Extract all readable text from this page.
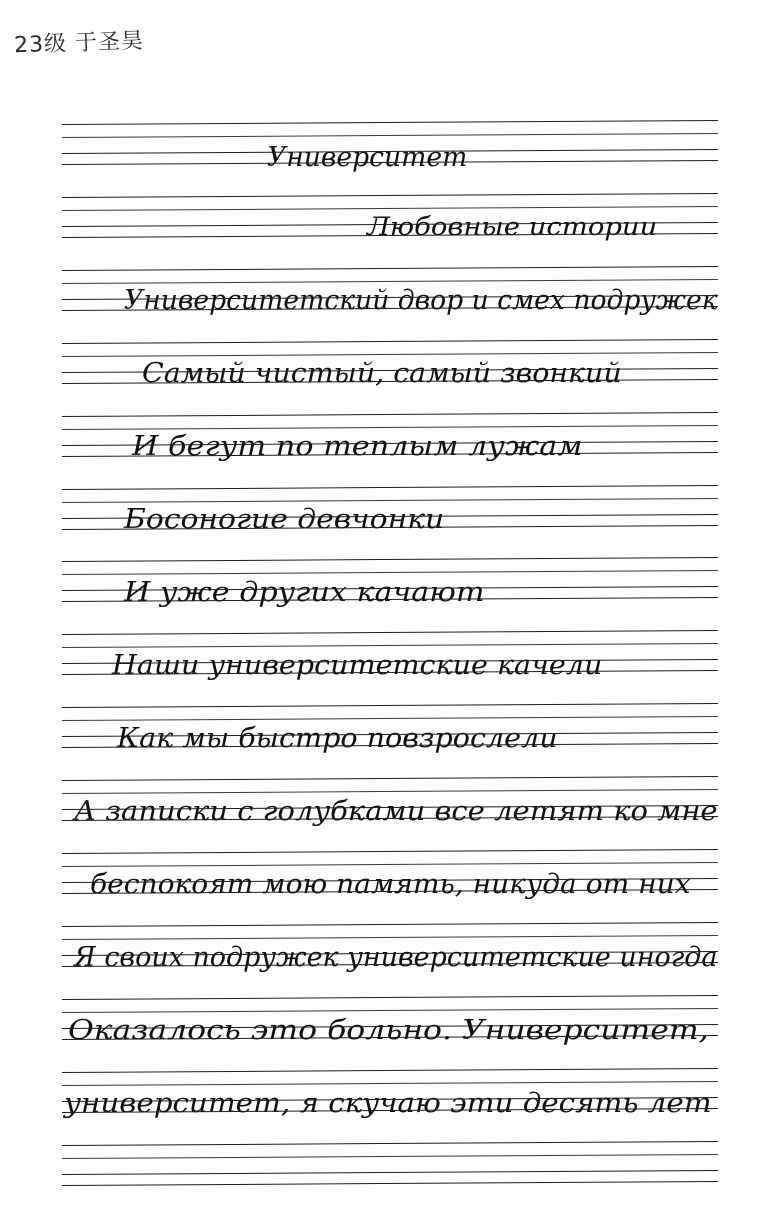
23级 于圣昊
Университет
Любовные истории
Университетский двор и смех подружек
Самый чистый, самый звонкий
И бегут по теплым лужам
Босоногие девчонки
И уже других качают
Наши университетские качели
Как мы быстро повзрослели
А записки с голубками все летят ко мне
беспокоят мою память, никуда от них
Я своих подружек университетские иногда
Оказалось это больно. Университет,
университет, я скучаю эти десять лет
